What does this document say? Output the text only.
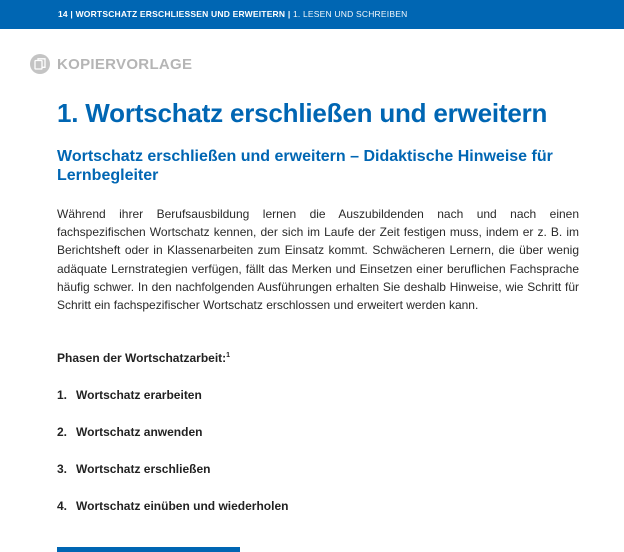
14 | WORTSCHATZ ERSCHLIESSEN UND ERWEITERN | 1. LESEN UND SCHREIBEN
KOPIERVORLAGE
1. Wortschatz erschließen und erweitern
Wortschatz erschließen und erweitern – Didaktische Hinweise für Lernbegleiter
Während ihrer Berufsausbildung lernen die Auszubildenden nach und nach einen fachspezifischen Wortschatz kennen, der sich im Laufe der Zeit festigen muss, indem er z. B. im Berichtsheft oder in Klassenarbeiten zum Einsatz kommt. Schwächeren Lernern, die über wenig adäquate Lernstrategien verfügen, fällt das Merken und Einsetzen einer beruflichen Fachsprache häufig schwer. In den nachfolgenden Ausführungen erhalten Sie deshalb Hinweise, wie Schritt für Schritt ein fachspezifischer Wortschatz erschlossen und erweitert werden kann.
Phasen der Wortschatzarbeit:$^1$
1. Wortschatz erarbeiten
2. Wortschatz anwenden
3. Wortschatz erschließen
4. Wortschatz einüben und wiederholen
